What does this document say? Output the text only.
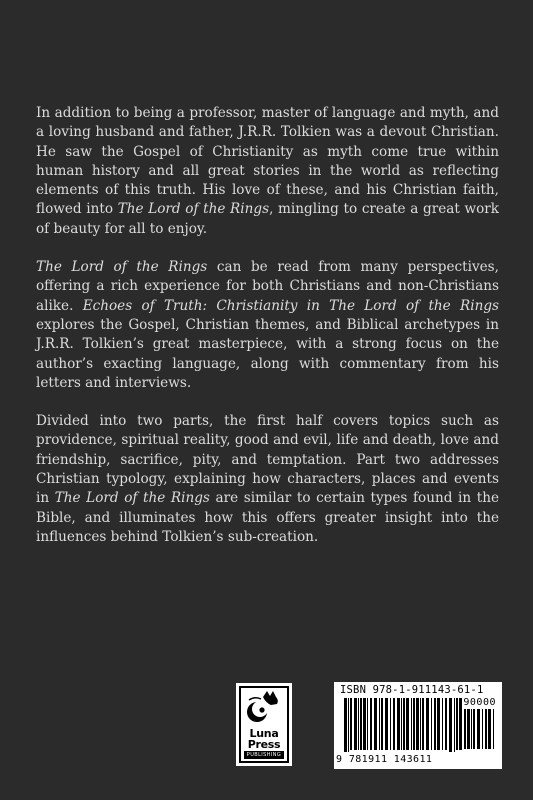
In addition to being a professor, master of language and myth, and a loving husband and father, J.R.R. Tolkien was a devout Christian. He saw the Gospel of Christianity as myth come true within human history and all great stories in the world as reflecting elements of this truth. His love of these, and his Christian faith, flowed into The Lord of the Rings, mingling to create a great work of beauty for all to enjoy.

The Lord of the Rings can be read from many perspectives, offering a rich experience for both Christians and non-Christians alike. Echoes of Truth: Christianity in The Lord of the Rings explores the Gospel, Christian themes, and Biblical archetypes in J.R.R. Tolkien’s great masterpiece, with a strong focus on the author’s exacting language, along with commentary from his letters and interviews.

Divided into two parts, the first half covers topics such as providence, spiritual reality, good and evil, life and death, love and friendship, sacrifice, pity, and temptation. Part two addresses Christian typology, explaining how characters, places and events in The Lord of the Rings are similar to certain types found in the Bible, and illuminates how this offers greater insight into the influences behind Tolkien’s sub-creation.

Luna
Press
PUBLISHING
ISBN 978-1-911143-61-1
90000
9 781911 143611
